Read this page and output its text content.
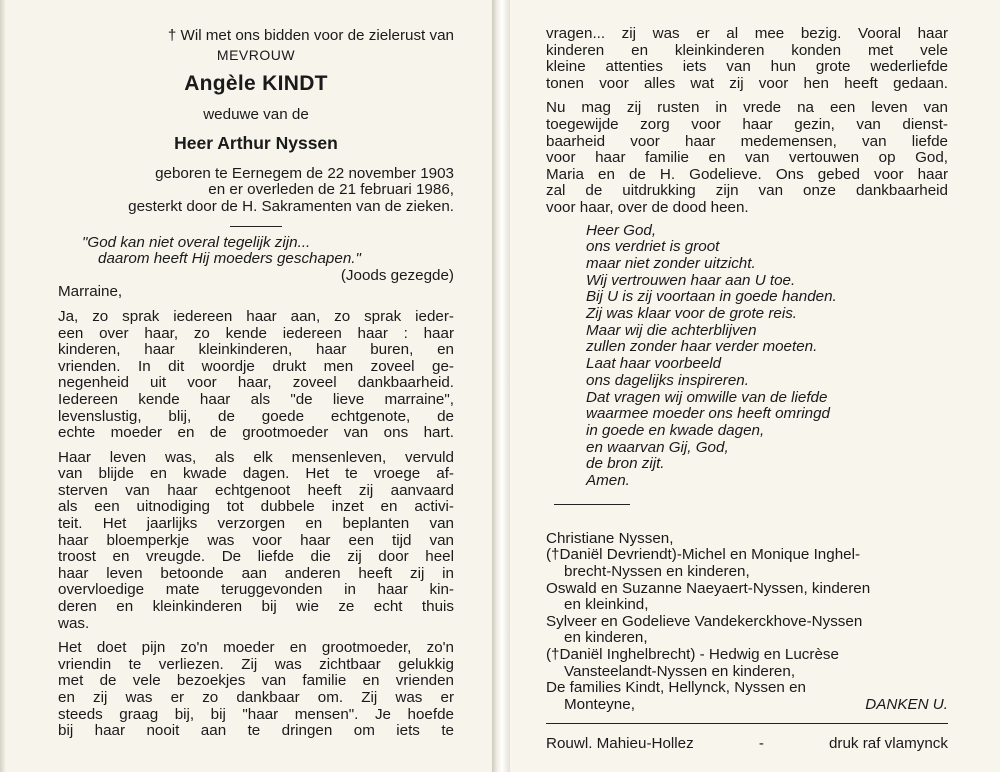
† Wil met ons bidden voor de zielerust van
MEVROUW
Angèle KINDT
weduwe van de
Heer Arthur Nyssen
geboren te Eernegem de 22 november 1903
en er overleden de 21 februari 1986,
gesterkt door de H. Sakramenten van de zieken.
"God kan niet overal tegelijk zijn...
daarom heeft Hij moeders geschapen."
(Joods gezegde)
Marraine,
Ja, zo sprak iedereen haar aan, zo sprak ieder-
een over haar, zo kende iedereen haar : haar
kinderen, haar kleinkinderen, haar buren, en
vrienden. In dit woordje drukt men zoveel ge-
negenheid uit voor haar, zoveel dankbaarheid.
Iedereen kende haar als "de lieve marraine",
levenslustig, blij, de goede echtgenote, de
echte moeder en de grootmoeder van ons hart.
Haar leven was, als elk mensenleven, vervuld
van blijde en kwade dagen. Het te vroege af-
sterven van haar echtgenoot heeft zij aanvaard
als een uitnodiging tot dubbele inzet en activi-
teit. Het jaarlijks verzorgen en beplanten van
haar bloemperkje was voor haar een tijd van
troost en vreugde. De liefde die zij door heel
haar leven betoonde aan anderen heeft zij in
overvloedige mate teruggevonden in haar kin-
deren en kleinkinderen bij wie ze echt thuis
was.
Het doet pijn zo'n moeder en grootmoeder, zo'n
vriendin te verliezen. Zij was zichtbaar gelukkig
met de vele bezoekjes van familie en vrienden
en zij was er zo dankbaar om. Zij was er
steeds graag bij, bij "haar mensen". Je hoefde
bij haar nooit aan te dringen om iets te
vragen... zij was er al mee bezig. Vooral haar
kinderen en kleinkinderen konden met vele
kleine attenties iets van hun grote wederliefde
tonen voor alles wat zij voor hen heeft gedaan.
Nu mag zij rusten in vrede na een leven van
toegewijde zorg voor haar gezin, van dienst-
baarheid voor haar medemensen, van liefde
voor haar familie en van vertouwen op God,
Maria en de H. Godelieve. Ons gebed voor haar
zal de uitdrukking zijn van onze dankbaarheid
voor haar, over de dood heen.
Heer God,
ons verdriet is groot
maar niet zonder uitzicht.
Wij vertrouwen haar aan U toe.
Bij U is zij voortaan in goede handen.
Zij was klaar voor de grote reis.
Maar wij die achterblijven
zullen zonder haar verder moeten.
Laat haar voorbeeld
ons dagelijks inspireren.
Dat vragen wij omwille van de liefde
waarmee moeder ons heeft omringd
in goede en kwade dagen,
en waarvan Gij, God,
de bron zijt.
Amen.
Christiane Nyssen,
(†Daniël Devriendt)-Michel en Monique Inghel-
brecht-Nyssen en kinderen,
Oswald en Suzanne Naeyaert-Nyssen, kinderen
en kleinkind,
Sylveer en Godelieve Vandekerckhove-Nyssen
en kinderen,
(†Daniël Inghelbrecht) - Hedwig en Lucrèse
Vansteelandt-Nyssen en kinderen,
De families Kindt, Hellynck, Nyssen en
Monteyne,	DANKEN U.
Rouwl. Mahieu-Hollez	-	druk raf vlamynck
